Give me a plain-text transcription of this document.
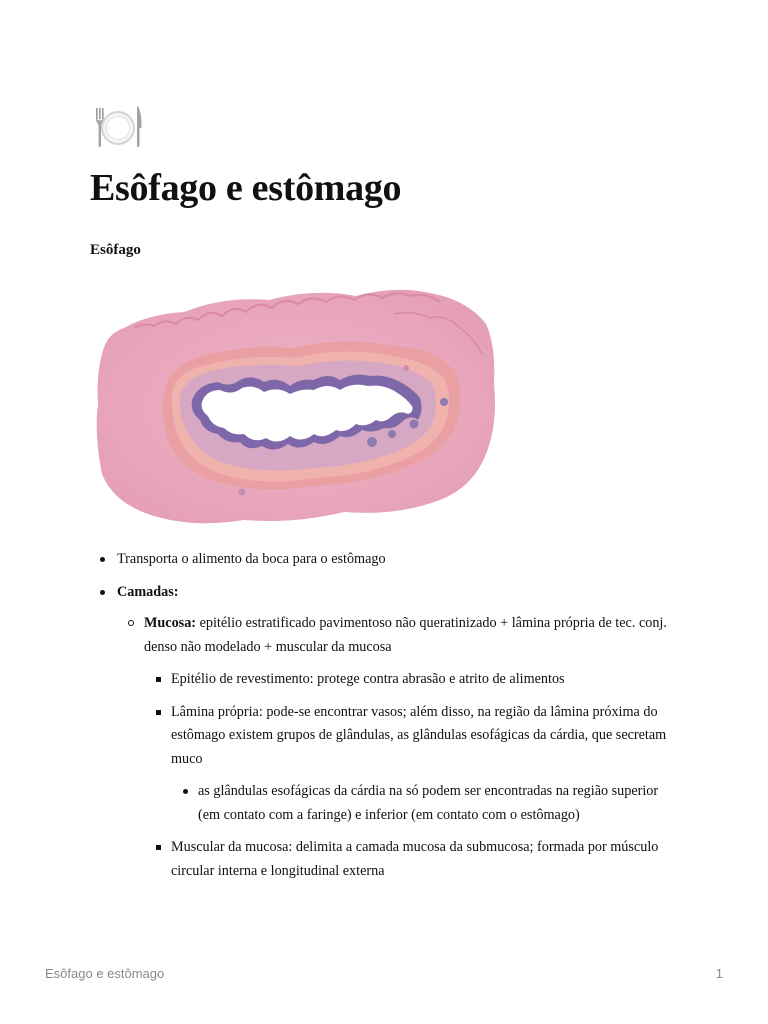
Esôfago e estômago
Esôfago
Transporta o alimento da boca para o estômago
Camadas:
Mucosa: epitélio estratificado pavimentoso não queratinizado + lâmina própria de tec. conj. denso não modelado + muscular da mucosa
Epitélio de revestimento: protege contra abrasão e atrito de alimentos
Lâmina própria: pode-se encontrar vasos; além disso, na região da lâmina próxima do estômago existem grupos de glândulas, as glândulas esofágicas da cárdia, que secretam muco
as glândulas esofágicas da cárdia na só podem ser encontradas na região superior (em contato com a faringe) e inferior (em contato com o estômago)
Muscular da mucosa: delimita a camada mucosa da submucosa; formada por músculo circular interna e longitudinal externa
Esôfago e estômago	1
